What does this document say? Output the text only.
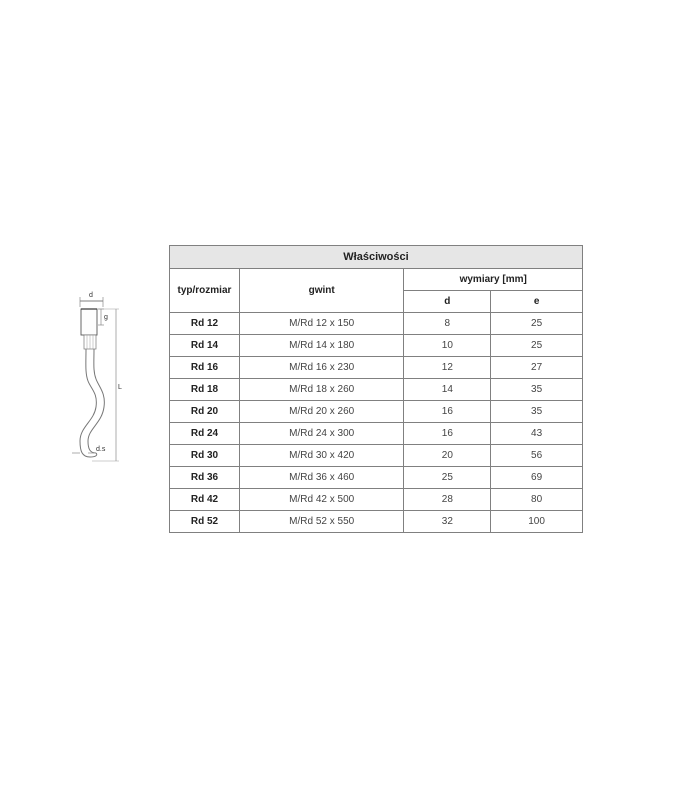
d
g
L
d.s
Właściwości			
typ/rozmiar	gwint	wymiary [mm]	
		d	e
Rd 12	M/Rd 12 x 150	8	25
Rd 14	M/Rd 14 x 180	10	25
Rd 16	M/Rd 16 x 230	12	27
Rd 18	M/Rd 18 x 260	14	35
Rd 20	M/Rd 20 x 260	16	35
Rd 24	M/Rd 24 x 300	16	43
Rd 30	M/Rd 30 x 420	20	56
Rd 36	M/Rd 36 x 460	25	69
Rd 42	M/Rd 42 x 500	28	80
Rd 52	M/Rd 52 x 550	32	100
